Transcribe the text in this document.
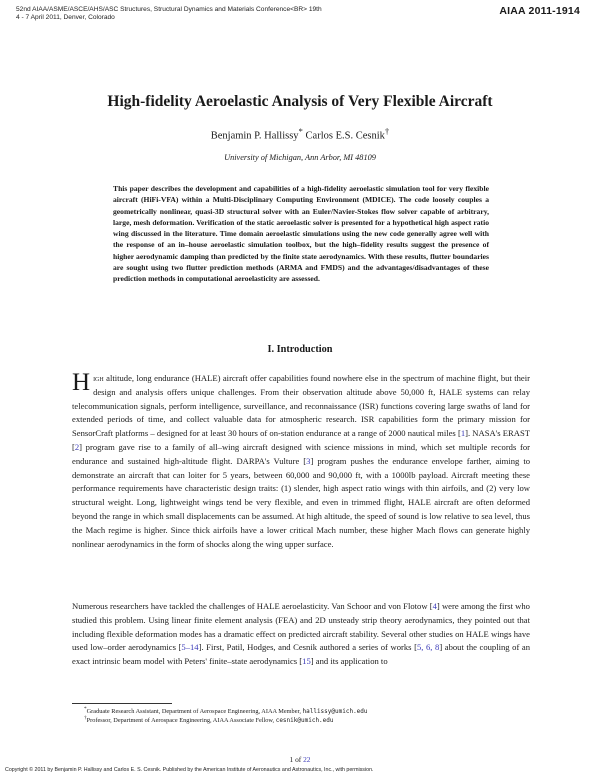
52nd AIAA/ASME/ASCE/AHS/ASC Structures, Structural Dynamics and Materials Conference<BR> 19th
4 - 7 April 2011, Denver, Colorado
AIAA 2011-1914
High-fidelity Aeroelastic Analysis of Very Flexible Aircraft
Benjamin P. Hallissy* Carlos E.S. Cesnik†
University of Michigan, Ann Arbor, MI 48109
This paper describes the development and capabilities of a high-fidelity aeroelastic simulation tool for very flexible aircraft (HiFi-VFA) within a Multi-Disciplinary Computing Environment (MDICE). The code loosely couples a geometrically nonlinear, quasi-3D structural solver with an Euler/Navier-Stokes flow solver capable of arbitrary, large, mesh deformation. Verification of the static aeroelastic solver is presented for a hypothetical high aspect ratio wing discussed in the literature. Time domain aeroelastic simulations using the new code generally agree well with the response of an in–house aeroelastic simulation toolbox, but the high–fidelity results suggest the presence of higher aerodynamic damping than predicted by the finite state aerodynamics. With these results, flutter boundaries are sought using two flutter prediction methods (ARMA and FMDS) and the advantages/disadvantages of these prediction methods in computational aeroelasticity are assessed.
I. Introduction
High altitude, long endurance (HALE) aircraft offer capabilities found nowhere else in the spectrum of machine flight, but their design and analysis offers unique challenges. From their observation altitude above 50,000 ft, HALE systems can relay telecommunication signals, perform intelligence, surveillance, and reconnaissance (ISR) functions covering large swaths of land for extended periods of time, and collect valuable data for atmospheric research. ISR capabilities form the primary mission for SensorCraft platforms – designed for at least 30 hours of on-station endurance at a range of 2000 nautical miles [1]. NASA's ERAST [2] program gave rise to a family of all–wing aircraft designed with science missions in mind, which set multiple records for endurance and sustained high-altitude flight. DARPA's Vulture [3] program pushes the endurance envelope farther, aiming to demonstrate an aircraft that can loiter for 5 years, between 60,000 and 90,000 ft, with a 1000lb payload. Aircraft meeting these performance requirements have characteristic design traits: (1) slender, high aspect ratio wings with thin airfoils, and (2) very low structural weight. Long, lightweight wings tend be very flexible, and even in trimmed flight, HALE aircraft are often deformed beyond the range in which small displacements can be assumed. At high altitude, the speed of sound is low relative to sea level, thus the Mach regime is higher. Since thick airfoils have a lower critical Mach number, these higher Mach flows can generate highly nonlinear aerodynamics in the form of shocks along the wing upper surface.
Numerous researchers have tackled the challenges of HALE aeroelasticity. Van Schoor and von Flotow [4] were among the first who studied this problem. Using linear finite element analysis (FEA) and 2D unsteady strip theory aerodynamics, they pointed out that including flexible deformation modes has a dramatic effect on predicted aircraft stability. Several other studies on HALE wings have used low–order aerodynamics [5–14]. First, Patil, Hodges, and Cesnik authored a series of works [5, 6, 8] about the coupling of an exact intrinsic beam model with Peters' finite–state aerodynamics [15] and its application to
*Graduate Research Assistant, Department of Aerospace Engineering, AIAA Member, hallissy@umich.edu
†Professor, Department of Aerospace Engineering, AIAA Associate Fellow, cesnik@umich.edu
1 of 22
Copyright © 2011 by Benjamin P. Hallissy and Carlos E. S. Cesnik. Published by the American Institute of Aeronautics and Astronautics, Inc., with permission.
